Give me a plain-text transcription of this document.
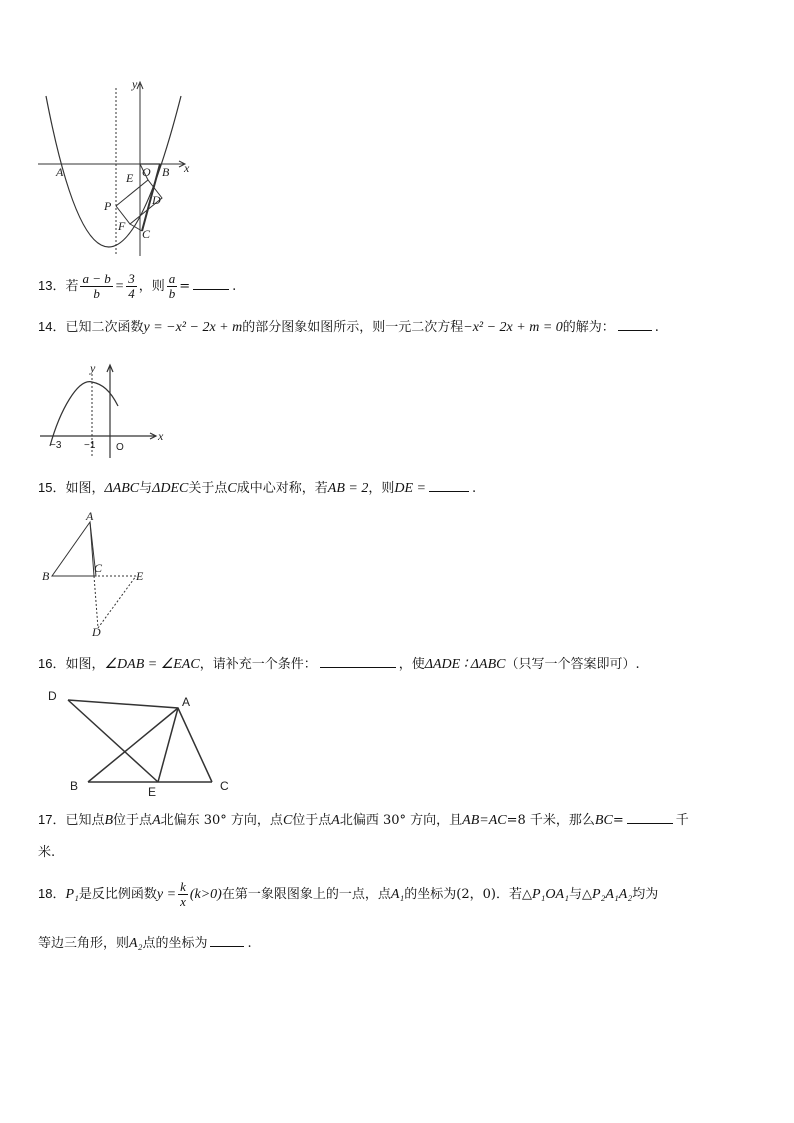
y
x
A	O B
E
P	D
F
C
13．若 $\frac{a - b}{b} = \frac{3}{4}$ ，则 $\frac{a}{b}$ =	.
14．已知二次函数y = −x² − 2x + m的部分图象如图所示，则一元二次方程−x² − 2x + m = 0的解为：	.
y
x
−3 −1 O
15．如图，ΔABC与ΔDEC关于点C成中心对称，若AB = 2，则DE =	.
A
B
C
E
D
16．如图，∠DAB = ∠EAC，请补充一个条件：	，使ΔADE ∶ ΔABC（只写一个答案即可）.
D	A
B	E	C
17．已知点B位于点A北偏东 30° 方向，点C位于点A北偏西 30° 方向，且AB=AC=8 千米，那么BC=	千
米.
18．P₁是反比例函数$y = \frac{k}{x} (k>0)$在第一象限图象上的一点，点A₁的坐标为(2，0)．若△P₁OA₁与△P₂A₁A₂均为
等边三角形，则A₂点的坐标为	.
